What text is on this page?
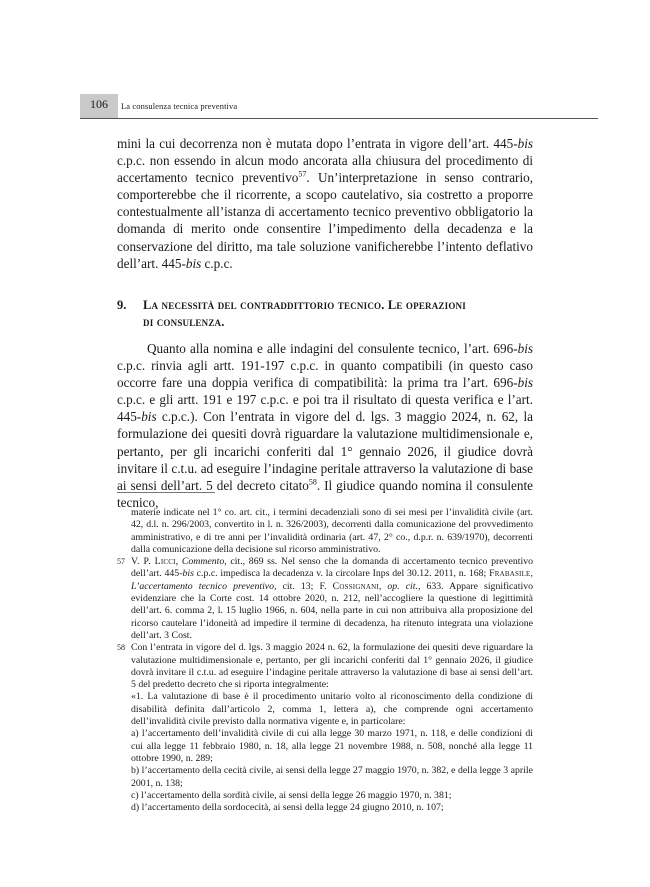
106	La consulenza tecnica preventiva

mini la cui decorrenza non è mutata dopo l’entrata in vigore dell’art. 445-bis c.p.c. non essendo in alcun modo ancorata alla chiusura del procedimento di accertamento tecnico preventivo$^{57}$. Un’interpretazione in senso contrario, comporterebbe che il ricorrente, a scopo cautelativo, sia costretto a proporre contestualmente all’istanza di accertamento tecnico preventivo obbligatorio la domanda di merito onde consentire l’impedimento della decadenza e la conservazione del diritto, ma tale soluzione vanificherebbe l’intento deflativo dell’art. 445-bis c.p.c.

9. La necessità del contraddittorio tecnico. Le operazioni
di consulenza.

Quanto alla nomina e alle indagini del consulente tecnico, l’art. 696-bis c.p.c. rinvia agli artt. 191-197 c.p.c. in quanto compatibili (in questo caso occorre fare una doppia verifica di compatibilità: la prima tra l’art. 696-bis c.p.c. e gli artt. 191 e 197 c.p.c. e poi tra il risultato di questa verifica e l’art. 445-bis c.p.c.). Con l’entrata in vigore del d. lgs. 3 maggio 2024, n. 62, la formulazione dei quesiti dovrà riguardare la valutazione multidimensionale e, pertanto, per gli incarichi conferiti dal 1° gennaio 2026, il giudice dovrà invitare il c.t.u. ad eseguire l’indagine peritale attraverso la valutazione di base ai sensi dell’art. 5 del decreto citato$^{58}$. Il giudice quando nomina il consulente tecnico,

materie indicate nel 1° co. art. cit., i termini decadenziali sono di sei mesi per l’invalidità civile (art. 42, d.l. n. 296/2003, convertito in l. n. 326/2003), decorrenti dalla comunicazione del provvedimento amministrativo, e di tre anni per l’invalidità ordinaria (art. 47, 2° co., d.p.r. n. 639/1970), decorrenti dalla comunicazione della decisione sul ricorso amministrativo.

57 V. P. Licci, Commento, cit., 869 ss. Nel senso che la domanda di accertamento tecnico preventivo dell’art. 445-bis c.p.c. impedisca la decadenza v. la circolare Inps del 30.12. 2011, n. 168; Frabasile, L’accertamento tecnico preventivo, cit. 13; F. Cossignani, op. cit., 633. Appare significativo evidenziare che la Corte cost. 14 ottobre 2020, n. 212, nell’accogliere la questione di legittimità dell’art. 6. comma 2, l. 15 luglio 1966, n. 604, nella parte in cui non attribuiva alla proposizione del ricorso cautelare l’idoneità ad impedire il termine di decadenza, ha ritenuto integrata una violazione dell’art. 3 Cost.

58 Con l’entrata in vigore del d. lgs. 3 maggio 2024 n. 62, la formulazione dei quesiti deve riguardare la valutazione multidimensionale e, pertanto, per gli incarichi conferiti dal 1° gennaio 2026, il giudice dovrà invitare il c.t.u. ad eseguire l’indagine peritale attraverso la valutazione di base ai sensi dell’art. 5 del predetto decreto che si riporta integralmente:

«1. La valutazione di base è il procedimento unitario volto al riconoscimento della condizione di disabilità definita dall’articolo 2, comma 1, lettera a), che comprende ogni accertamento dell’invalidità civile previsto dalla normativa vigente e, in particolare:

a) l’accertamento dell’invalidità civile di cui alla legge 30 marzo 1971, n. 118, e delle condizioni di cui alla legge 11 febbraio 1980, n. 18, alla legge 21 novembre 1988, n. 508, nonché alla legge 11 ottobre 1990, n. 289;

b) l’accertamento della cecità civile, ai sensi della legge 27 maggio 1970, n. 382, e della legge 3 aprile 2001, n. 138;

c) l’accertamento della sordità civile, ai sensi della legge 26 maggio 1970, n. 381;

d) l’accertamento della sordocecità, ai sensi della legge 24 giugno 2010, n. 107;
